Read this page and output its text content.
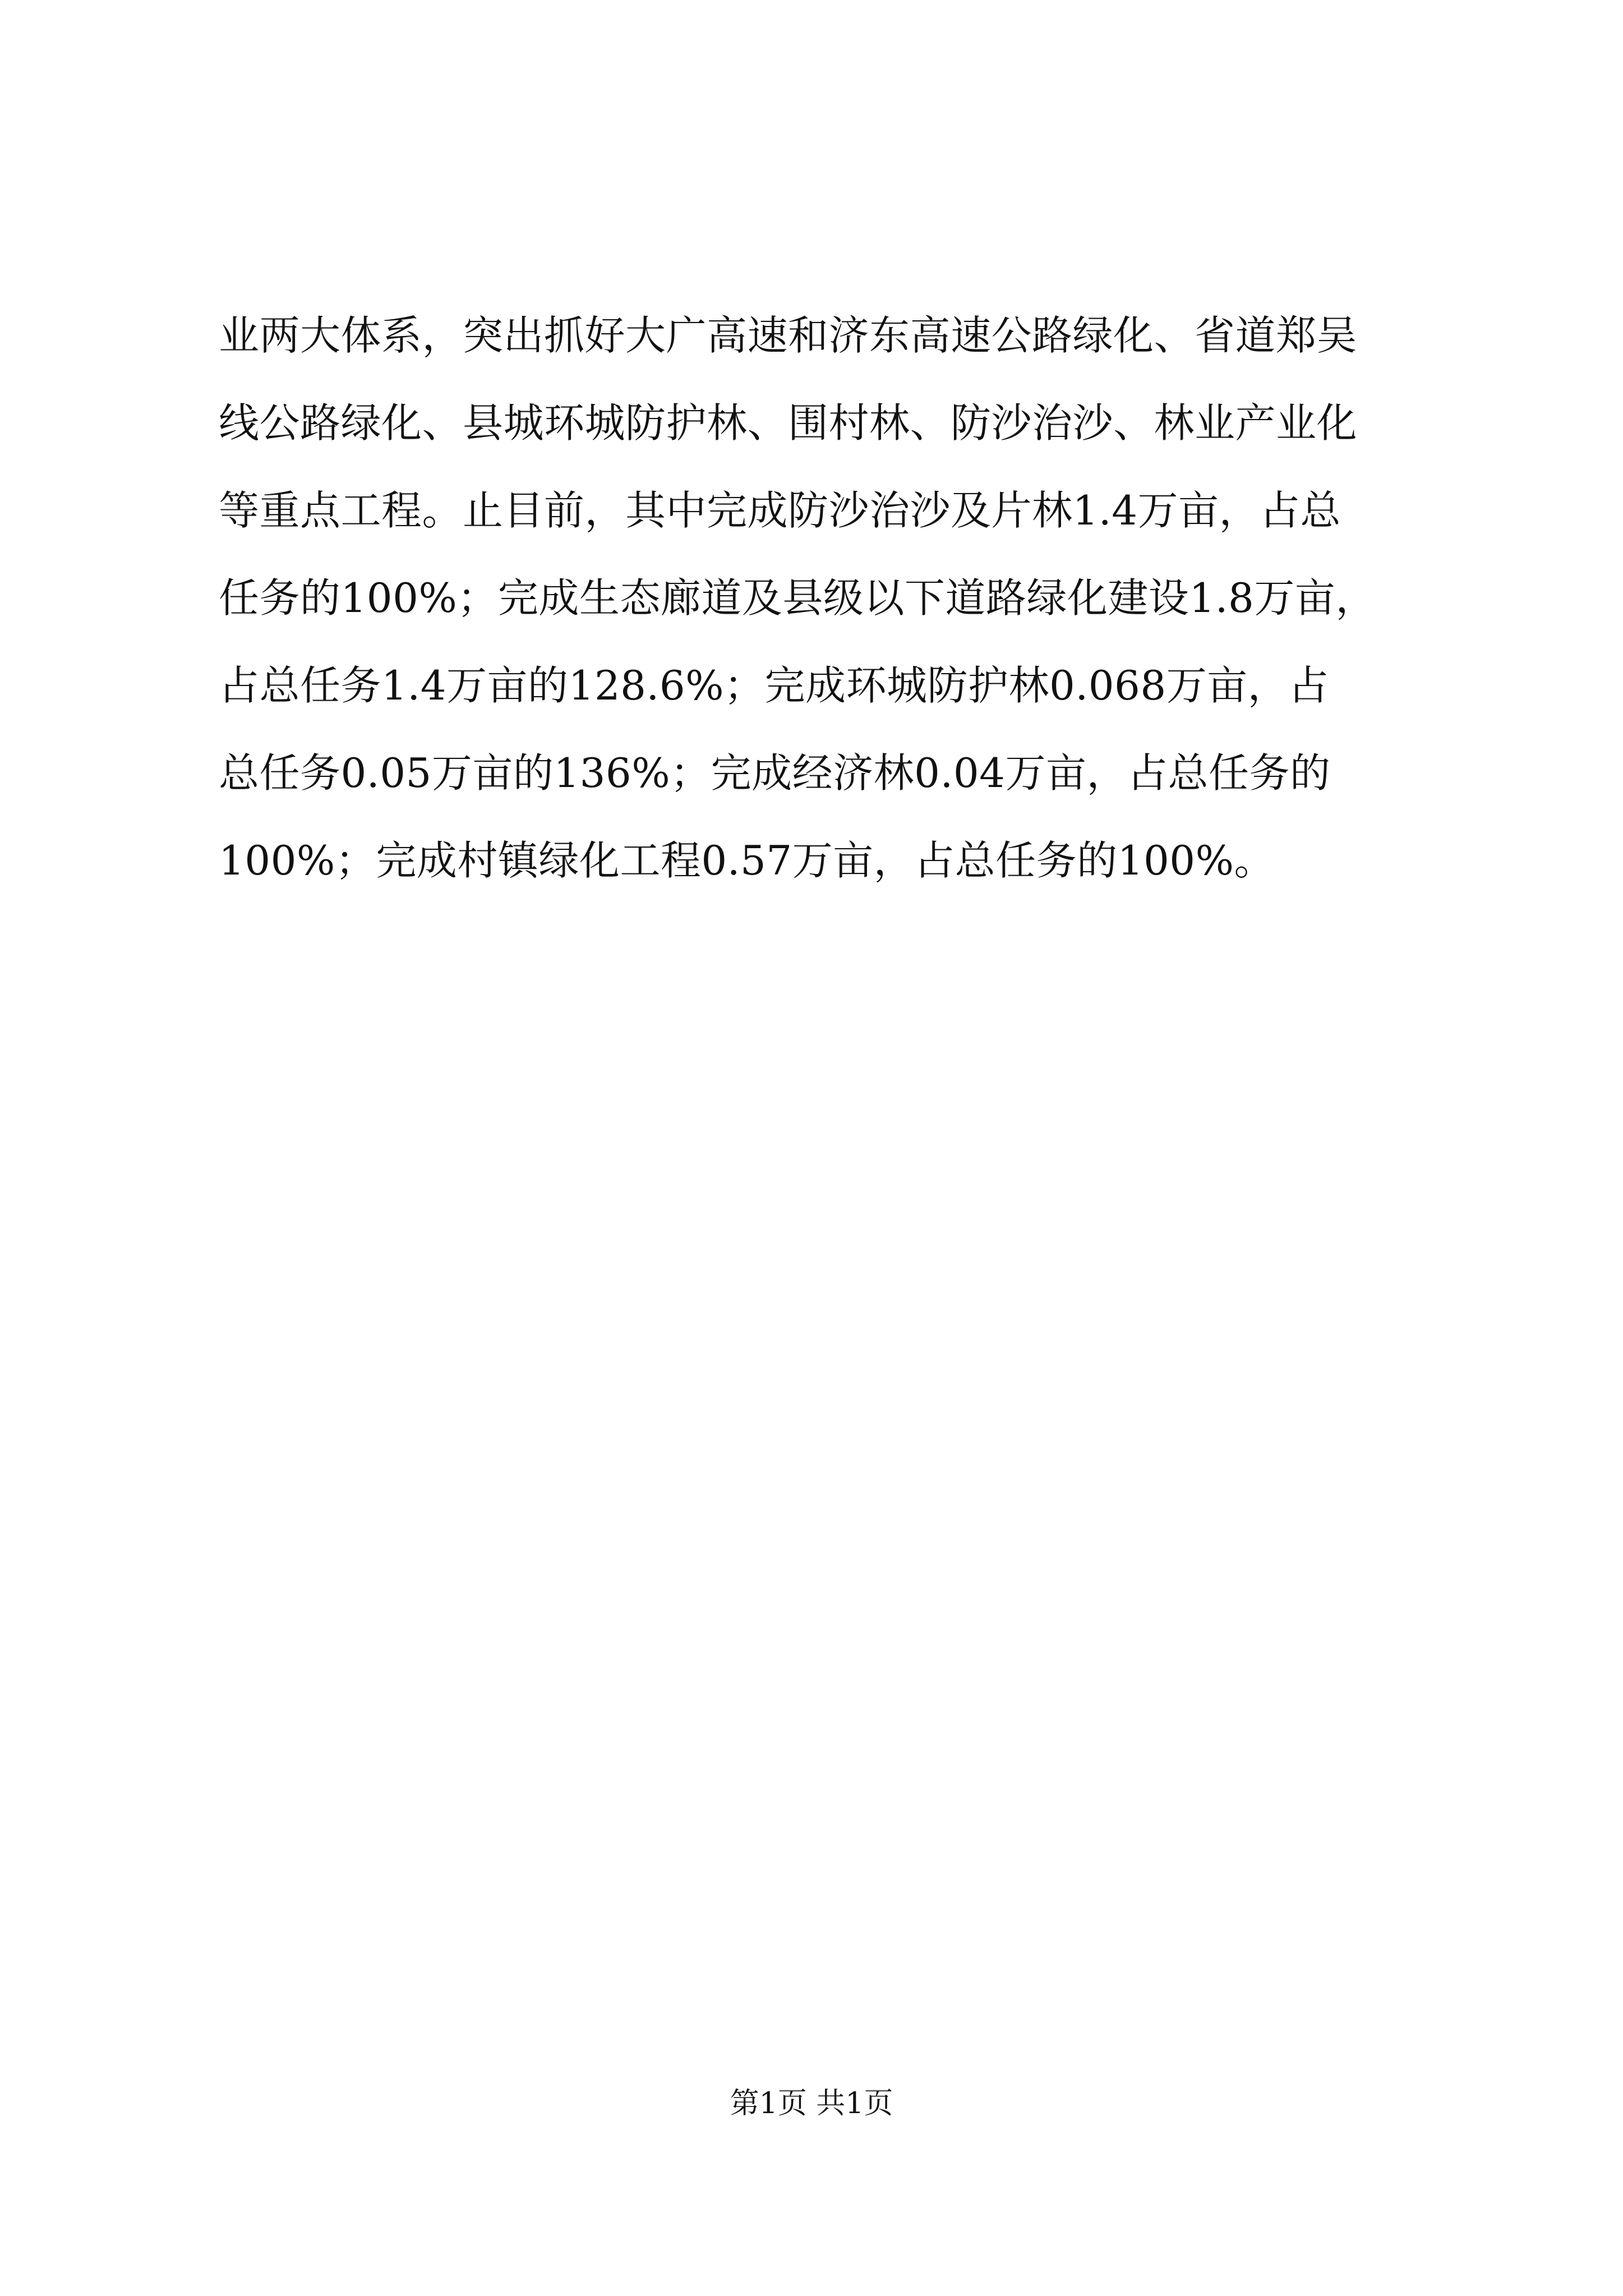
业两大体系，突出抓好大广高速和济东高速公路绿化、省道郑吴
线公路绿化、县城环城防护林、围村林、防沙治沙、林业产业化
等重点工程。止目前，其中完成防沙治沙及片林1.4万亩，占总
任务的100%；完成生态廊道及县级以下道路绿化建设1.8万亩，
占总任务1.4万亩的128.6%；完成环城防护林0.068万亩，占
总任务0.05万亩的136%；完成经济林0.04万亩，占总任务的
100%；完成村镇绿化工程0.57万亩，占总任务的100%。
第1页 共1页
